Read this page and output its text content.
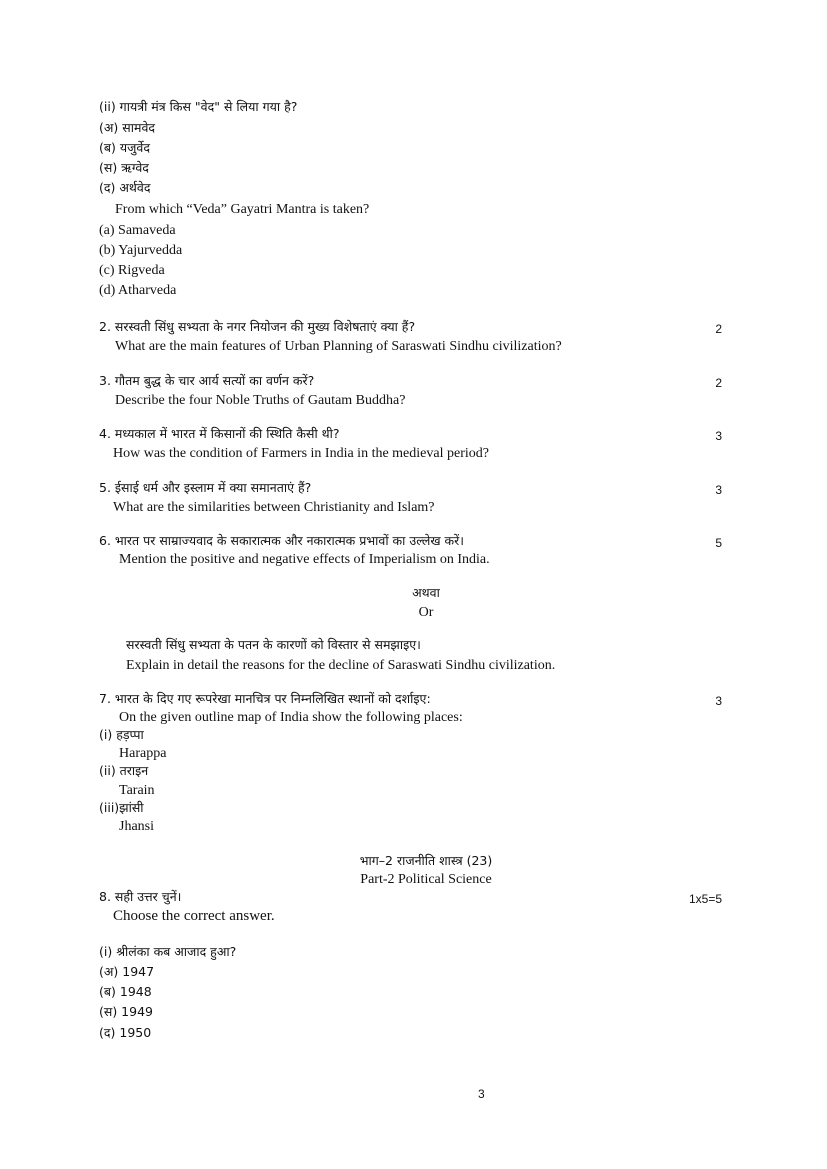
(ii) गायत्री मंत्र किस "वेद" से लिया गया है?
(अ) सामवेद
(ब) यजुर्वेद
(स) ऋग्वेद
(द) अर्थवेद
From which “Veda” Gayatri Mantra is taken?
(a) Samaveda
(b) Yajurvedda
(c) Rigveda
(d) Atharveda
2. सरस्वती सिंधु सभ्यता के नगर नियोजन की मुख्य विशेषताएं क्या हैं?	2
What are the main features of Urban Planning of Saraswati Sindhu civilization?
3. गौतम बुद्ध के चार आर्य सत्यों का वर्णन करें?	2
Describe the four Noble Truths of Gautam Buddha?
4. मध्यकाल में भारत में किसानों की स्थिति कैसी थी?	3
How was the condition of Farmers in India in the medieval period?
5. ईसाई धर्म और इस्लाम में क्या समानताएं हैं?	3
What are the similarities between Christianity and Islam?
6. भारत पर साम्राज्यवाद के सकारात्मक और नकारात्मक प्रभावों का उल्लेख करें।	5
Mention the positive and negative effects of Imperialism on India.
अथवा
Or
सरस्वती सिंधु सभ्यता के पतन के कारणों को विस्तार से समझाइए।
Explain in detail the reasons for the decline of Saraswati Sindhu civilization.
7. भारत के दिए गए रूपरेखा मानचित्र पर निम्नलिखित स्थानों को दर्शाइए:	3
On the given outline map of India show the following places:
(i) हड़प्पा
Harappa
(ii) तराइन
Tarain
(iii)झांसी
Jhansi
भाग–2 राजनीति शास्त्र (23)
Part-2 Political Science
8. सही उत्तर चुनें।	1x5=5
Choose the correct answer.
(i) श्रीलंका कब आजाद हुआ?
(अ) 1947
(ब) 1948
(स) 1949
(द) 1950
3
